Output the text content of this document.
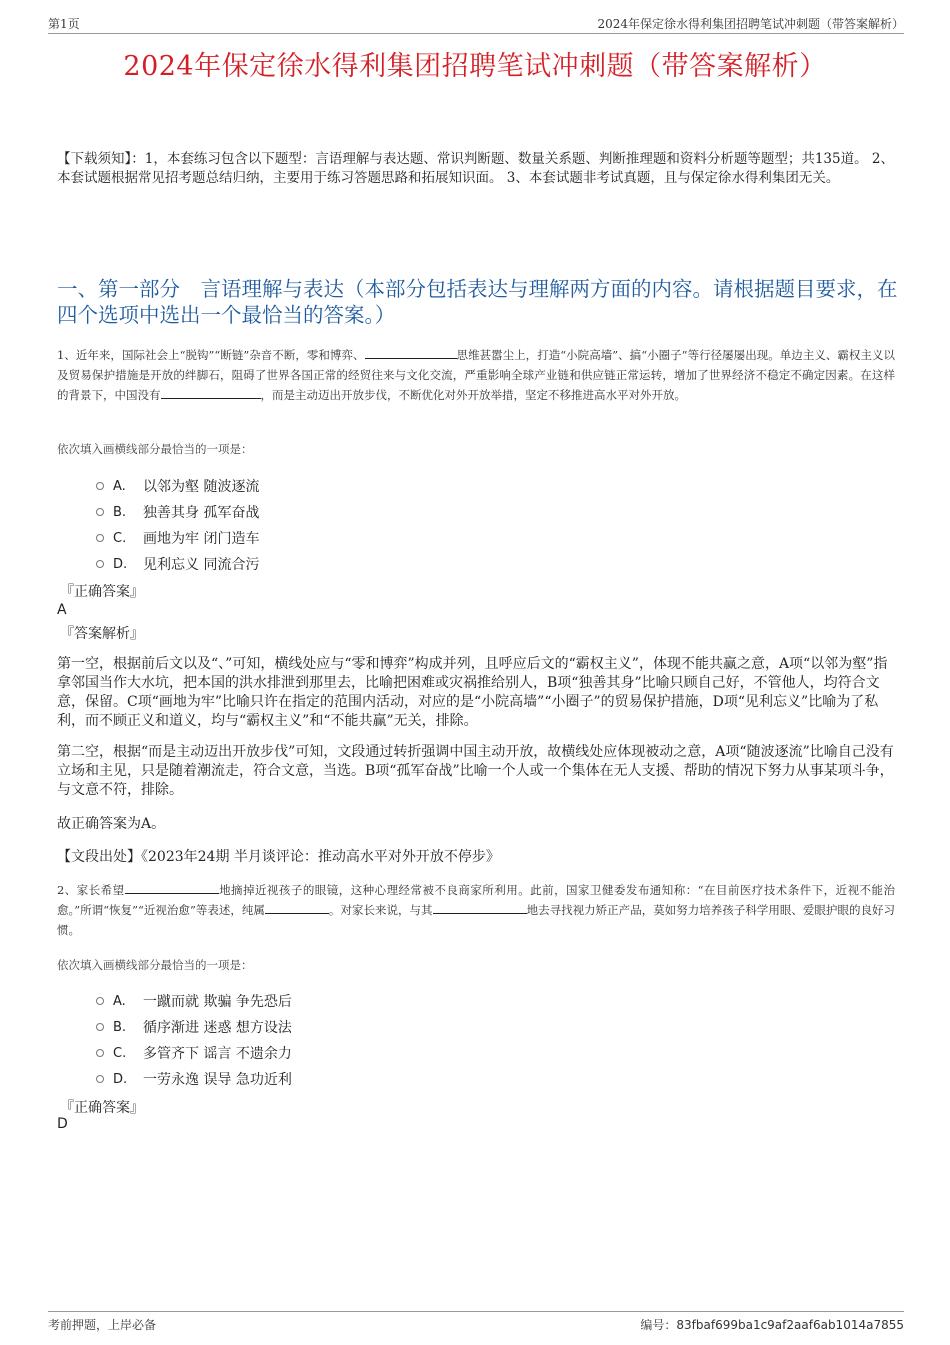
第1页	2024年保定徐水得利集团招聘笔试冲刺题（带答案解析）
2024年保定徐水得利集团招聘笔试冲刺题（带答案解析）
【下载须知】：1，本套练习包含以下题型：言语理解与表达题、常识判断题、数量关系题、判断推理题和资料分析题等题型；共135道。 2、本套试题根据常见招考题总结归纳，主要用于练习答题思路和拓展知识面。 3、本套试题非考试真题，且与保定徐水得利集团无关。
一、第一部分　言语理解与表达（本部分包括表达与理解两方面的内容。请根据题目要求，在四个选项中选出一个最恰当的答案。）
1、近年来，国际社会上“脱钩”“断链”杂音不断，零和博弈、	思维甚嚣尘上，打造“小院高墙”、搞“小圈子”等行径屡屡出现。单边主义、霸权主义以及贸易保护措施是开放的绊脚石，阻碍了世界各国正常的经贸往来与文化交流，严重影响全球产业链和供应链正常运转，增加了世界经济不稳定不确定因素。在这样的背景下，中国没有	，而是主动迈出开放步伐，不断优化对外开放举措，坚定不移推进高水平对外开放。
依次填入画横线部分最恰当的一项是：
A.	以邻为壑 随波逐流
B.	独善其身 孤军奋战
C.	画地为牢 闭门造车
D.	见利忘义 同流合污
『正确答案』
A
『答案解析』
第一空，根据前后文以及“、”可知，横线处应与“零和博弈”构成并列，且呼应后文的“霸权主义”，体现不能共赢之意，A项“以邻为壑”指拿邻国当作大水坑，把本国的洪水排泄到那里去，比喻把困难或灾祸推给别人，B项“独善其身”比喻只顾自己好，不管他人，均符合文意，保留。C项“画地为牢”比喻只许在指定的范围内活动，对应的是“小院高墙”“小圈子”的贸易保护措施，D项“见利忘义”比喻为了私利，而不顾正义和道义，均与“霸权主义”和“不能共赢”无关，排除。
第二空，根据“而是主动迈出开放步伐”可知，文段通过转折强调中国主动开放，故横线处应体现被动之意，A项“随波逐流”比喻自己没有立场和主见，只是随着潮流走，符合文意，当选。B项“孤军奋战”比喻一个人或一个集体在无人支援、帮助的情况下努力从事某项斗争，与文意不符，排除。
故正确答案为A。
【文段出处】《2023年24期 半月谈评论：推动高水平对外开放不停步》
2、家长希望	地摘掉近视孩子的眼镜，这种心理经常被不良商家所利用。此前，国家卫健委发布通知称：“在目前医疗技术条件下，近视不能治愈。”所谓“恢复”“近视治愈”等表述，纯属	。对家长来说，与其	地去寻找视力矫正产品，莫如努力培养孩子科学用眼、爱眼护眼的良好习惯。
依次填入画横线部分最恰当的一项是：
A.	一蹴而就 欺骗 争先恐后
B.	循序渐进 迷惑 想方设法
C.	多管齐下 谣言 不遗余力
D.	一劳永逸 误导 急功近利
『正确答案』
D
考前押题，上岸必备	编号：83fbaf699ba1c9af2aaf6ab1014a7855
